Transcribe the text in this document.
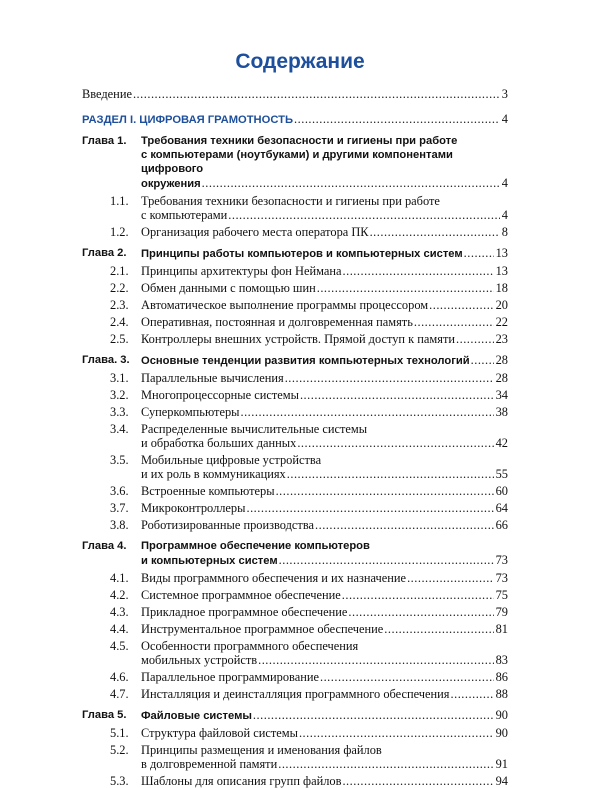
Содержание
Введение .....	3
РАЗДЕЛ I. ЦИФРОВАЯ ГРАМОТНОСТЬ .....	4
Глава 1. Требования техники безопасности и гигиены при работе
с компьютерами (ноутбуками) и другими компонентами цифрового
окружения .....	4
1.1. Требования техники безопасности и гигиены при работе
с компьютерами .....	4
1.2. Организация рабочего места оператора ПК .....	8
Глава 2. Принципы работы компьютеров и компьютерных систем .....	13
2.1. Принципы архитектуры фон Неймана .....	13
2.2. Обмен данными с помощью шин .....	18
2.3. Автоматическое выполнение программы процессором .....	20
2.4. Оперативная, постоянная и долговременная память .....	22
2.5. Контроллеры внешних устройств. Прямой доступ к памяти .....	23
Глава. 3. Основные тенденции развития компьютерных технологий ..... 28
3.1. Параллельные вычисления .....	28
3.2. Многопроцессорные системы .....	34
3.3. Суперкомпьютеры .....	38
3.4. Распределенные вычислительные системы
и обработка больших данных .....	42
3.5. Мобильные цифровые устройства
и их роль в коммуникациях .....	55
3.6. Встроенные компьютеры .....	60
3.7. Микроконтроллеры .....	64
3.8. Роботизированные производства .....	66
Глава 4. Программное обеспечение компьютеров
и компьютерных систем .....	73
4.1. Виды программного обеспечения и их назначение .....	73
4.2. Системное программное обеспечение .....	75
4.3. Прикладное программное обеспечение .....	79
4.4. Инструментальное программное обеспечение .....	81
4.5. Особенности программного обеспечения
мобильных устройств .....	83
4.6. Параллельное программирование .....	86
4.7. Инсталляция и деинсталляция программного обеспечения .....	88
Глава 5. Файловые системы .....	90
5.1. Структура файловой системы .....	90
5.2. Принципы размещения и именования файлов
в долговременной памяти .....	91
5.3. Шаблоны для описания групп файлов .....	94
